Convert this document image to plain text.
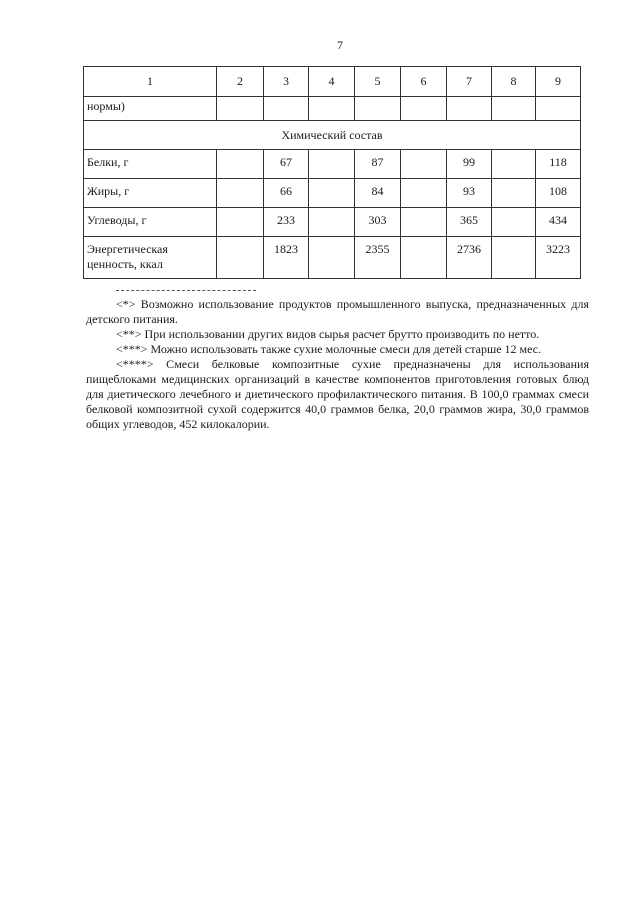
7
1	2	3	4	5	6	7	8	9
нормы)								
Химический состав								
Белки, г		67		87		99		118
Жиры, г		66		84		93		108
Углеводы, г		233		303		365		434
Энергетическая
ценность, ккал		1823		2355		2736		3223

<*> Возможно использование продуктов промышленного выпуска, предназначенных для детского питания.

<**> При использовании других видов сырья расчет брутто производить по нетто.

<***> Можно использовать также сухие молочные смеси для детей старше 12 мес.

<****> Смеси белковые композитные сухие предназначены для использования пищеблоками медицинских организаций в качестве компонентов приготовления готовых блюд для диетического лечебного и диетического профилактического питания. В 100,0 граммах смеси белковой композитной сухой содержится 40,0 граммов белка, 20,0 граммов жира, 30,0 граммов общих углеводов, 452 килокалории.
